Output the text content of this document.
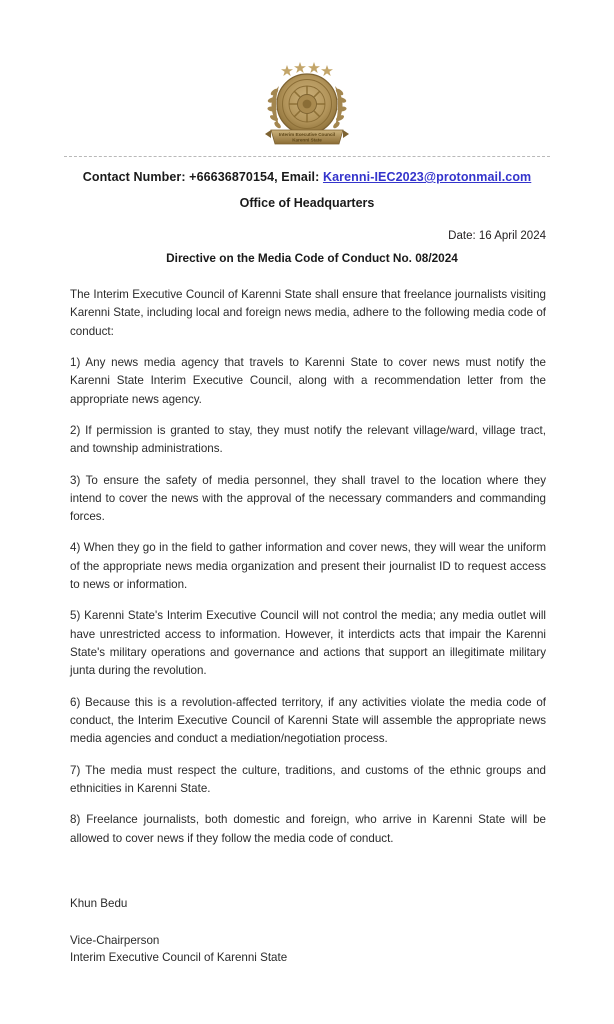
Interim Executive Council
Karenni State
Contact Number: +66636870154, Email: Karenni-IEC2023@protonmail.com
Office of Headquarters
Date: 16 April 2024
Directive on the Media Code of Conduct No. 08/2024

The Interim Executive Council of Karenni State shall ensure that freelance journalists visiting Karenni State, including local and foreign news media, adhere to the following media code of conduct:

1) Any news media agency that travels to Karenni State to cover news must notify the Karenni State Interim Executive Council, along with a recommendation letter from the appropriate news agency.

2) If permission is granted to stay, they must notify the relevant village/ward, village tract, and township administrations.

3) To ensure the safety of media personnel, they shall travel to the location where they intend to cover the news with the approval of the necessary commanders and commanding forces.

4) When they go in the field to gather information and cover news, they will wear the uniform of the appropriate news media organization and present their journalist ID to request access to news or information.

5) Karenni State's Interim Executive Council will not control the media; any media outlet will have unrestricted access to information. However, it interdicts acts that impair the Karenni State's military operations and governance and actions that support an illegitimate military junta during the revolution.

6) Because this is a revolution-affected territory, if any activities violate the media code of conduct, the Interim Executive Council of Karenni State will assemble the appropriate news media agencies and conduct a mediation/negotiation process.

7) The media must respect the culture, traditions, and customs of the ethnic groups and ethnicities in Karenni State.

8) Freelance journalists, both domestic and foreign, who arrive in Karenni State will be allowed to cover news if they follow the media code of conduct.

Khun Bedu
Vice-Chairperson
Interim Executive Council of Karenni State
